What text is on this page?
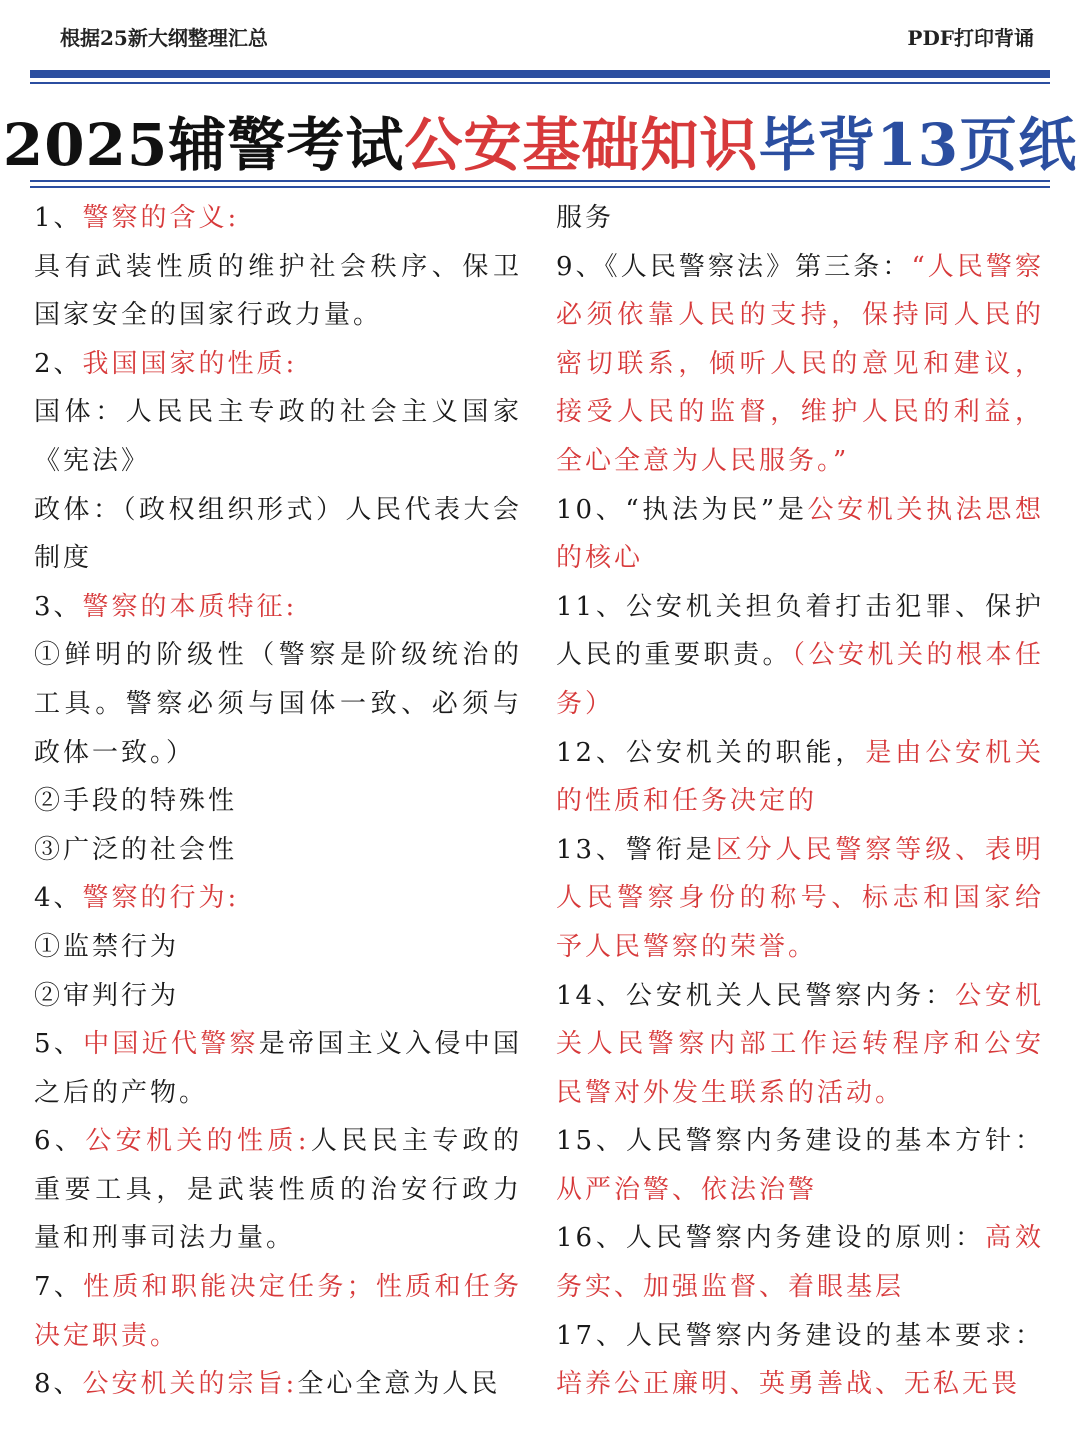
根据25新大纲整理汇总	PDF打印背诵
2025辅警考试公安基础知识毕背13页纸

1、警察的含义:

具有武装性质的维护社会秩序、保卫国家安全的国家行政力量。

2、我国国家的性质:

国体：人民民主专政的社会主义国家《宪法》

政体：（政权组织形式）人民代表大会制度

3、警察的本质特征:

①鲜明的阶级性（警察是阶级统治的工具。警察必须与国体一致、必须与政体一致。）

②手段的特殊性

③广泛的社会性

4、警察的行为:

①监禁行为

②审判行为

5、中国近代警察是帝国主义入侵中国之后的产物。

6、公安机关的性质:人民民主专政的重要工具，是武装性质的治安行政力量和刑事司法力量。

7、性质和职能决定任务；性质和任务决定职责。

8、公安机关的宗旨:全心全意为人民

服务

9、《人民警察法》第三条：“人民警察必须依靠人民的支持，保持同人民的密切联系，倾听人民的意见和建议，接受人民的监督，维护人民的利益，全心全意为人民服务。”

10、“执法为民”是公安机关执法思想的核心

11、公安机关担负着打击犯罪、保护人民的重要职责。（公安机关的根本任务）

12、公安机关的职能，是由公安机关的性质和任务决定的

13、警衔是区分人民警察等级、表明人民警察身份的称号、标志和国家给予人民警察的荣誉。

14、公安机关人民警察内务：公安机关人民警察内部工作运转程序和公安民警对外发生联系的活动。

15、人民警察内务建设的基本方针：从严治警、依法治警

16、人民警察内务建设的原则：高效务实、加强监督、着眼基层

17、人民警察内务建设的基本要求：培养公正廉明、英勇善战、无私无畏
